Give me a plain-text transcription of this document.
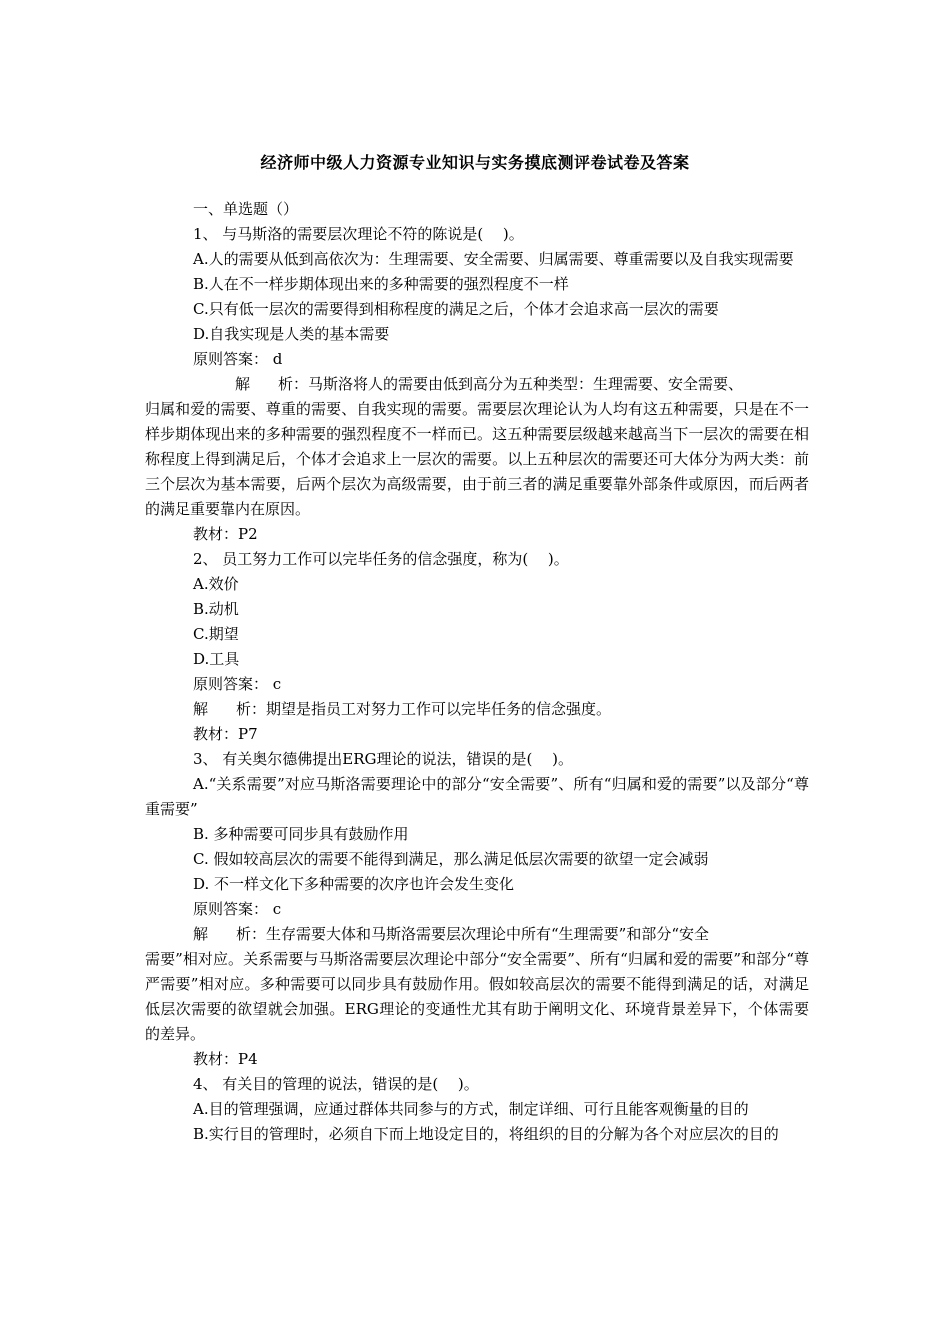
经济师中级人力资源专业知识与实务摸底测评卷试卷及答案
一、单选题（）
1、 与马斯洛的需要层次理论不符的陈说是(　 )。
A.人的需要从低到高依次为：生理需要、安全需要、归属需要、尊重需要以及自我实现需要
B.人在不一样步期体现出来的多种需要的强烈程度不一样
C.只有低一层次的需要得到相称程度的满足之后，个体才会追求高一层次的需要
D.自我实现是人类的基本需要
原则答案： d
解 析：马斯洛将人的需要由低到高分为五种类型：生理需要、安全需要、
归属和爱的需要、尊重的需要、自我实现的需要。需要层次理论认为人均有这五种需要，只是在不一样步期体现出来的多种需要的强烈程度不一样而已。这五种需要层级越来越高当下一层次的需要在相称程度上得到满足后，个体才会追求上一层次的需要。以上五种层次的需要还可大体分为两大类：前三个层次为基本需要，后两个层次为高级需要，由于前三者的满足重要靠外部条件或原因，而后两者的满足重要靠内在原因。
教材：P2
2、 员工努力工作可以完毕任务的信念强度，称为(　 )。
A.效价
B.动机
C.期望
D.工具
原则答案： c
解 析：期望是指员工对努力工作可以完毕任务的信念强度。
教材：P7
3、 有关奥尔德佛提出ERG理论的说法，错误的是(　 )。
A.“关系需要”对应马斯洛需要理论中的部分“安全需要”、所有“归属和爱的需要”以及部分“尊重需要”
B. 多种需要可同步具有鼓励作用
C. 假如较高层次的需要不能得到满足，那么满足低层次需要的欲望一定会减弱
D. 不一样文化下多种需要的次序也许会发生变化
原则答案： c
解 析：生存需要大体和马斯洛需要层次理论中所有“生理需要”和部分“安全
需要”相对应。关系需要与马斯洛需要层次理论中部分“安全需要”、所有“归属和爱的需要”和部分“尊严需要”相对应。多种需要可以同步具有鼓励作用。假如较高层次的需要不能得到满足的话，对满足低层次需要的欲望就会加强。ERG理论的变通性尤其有助于阐明文化、环境背景差异下，个体需要的差异。
教材：P4
4、 有关目的管理的说法，错误的是(　 )。
A.目的管理强调，应通过群体共同参与的方式，制定详细、可行且能客观衡量的目的
B.实行目的管理时，必须自下而上地设定目的，将组织的目的分解为各个对应层次的目的
